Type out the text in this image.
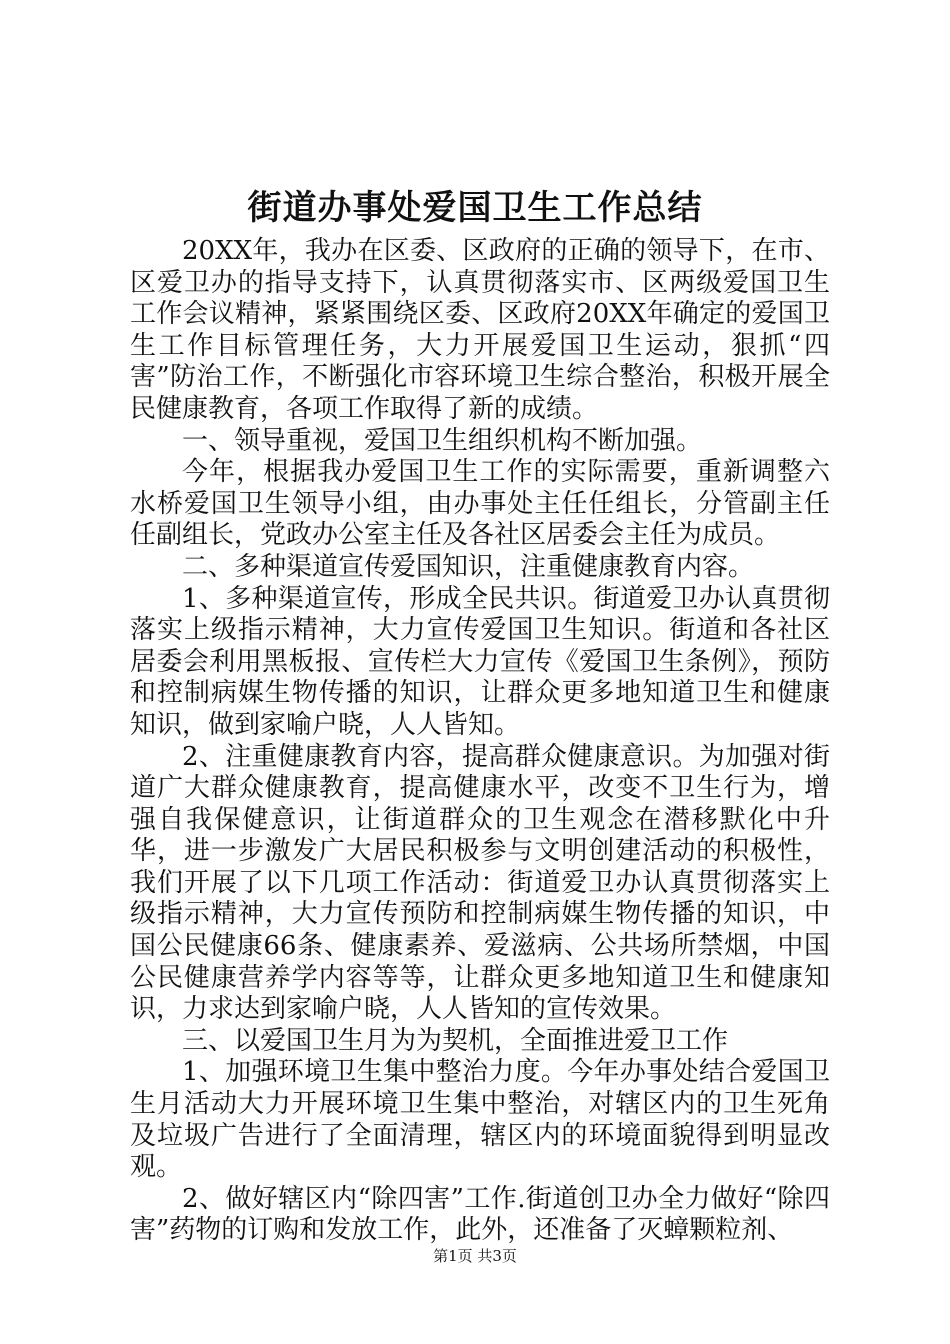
街道办事处爱国卫生工作总结

20XX年，我办在区委、区政府的正确的领导下，在市、区爱卫办的指导支持下，认真贯彻落实市、区两级爱国卫生工作会议精神，紧紧围绕区委、区政府20XX年确定的爱国卫生工作目标管理任务，大力开展爱国卫生运动，狠抓“四害”防治工作，不断强化市容环境卫生综合整治，积极开展全民健康教育，各项工作取得了新的成绩。

一、领导重视，爱国卫生组织机构不断加强。

今年，根据我办爱国卫生工作的实际需要，重新调整六水桥爱国卫生领导小组，由办事处主任任组长，分管副主任任副组长，党政办公室主任及各社区居委会主任为成员。

二、多种渠道宣传爱国知识，注重健康教育内容。

1、多种渠道宣传，形成全民共识。街道爱卫办认真贯彻落实上级指示精神，大力宣传爱国卫生知识。街道和各社区居委会利用黑板报、宣传栏大力宣传《爱国卫生条例》，预防和控制病媒生物传播的知识，让群众更多地知道卫生和健康知识，做到家喻户晓，人人皆知。

2、注重健康教育内容，提高群众健康意识。为加强对街道广大群众健康教育，提高健康水平，改变不卫生行为，增强自我保健意识，让街道群众的卫生观念在潜移默化中升华，进一步激发广大居民积极参与文明创建活动的积极性，我们开展了以下几项工作活动：街道爱卫办认真贯彻落实上级指示精神，大力宣传预防和控制病媒生物传播的知识，中国公民健康66条、健康素养、爱滋病、公共场所禁烟，中国公民健康营养学内容等等，让群众更多地知道卫生和健康知识，力求达到家喻户晓，人人皆知的宣传效果。

三、以爱国卫生月为为契机，全面推进爱卫工作

1、加强环境卫生集中整治力度。今年办事处结合爱国卫生月活动大力开展环境卫生集中整治，对辖区内的卫生死角及垃圾广告进行了全面清理，辖区内的环境面貌得到明显改观。

2、做好辖区内“除四害”工作.街道创卫办全力做好“除四害”药物的订购和发放工作，此外，还准备了灭蟑颗粒剂、

第1页 共3页
